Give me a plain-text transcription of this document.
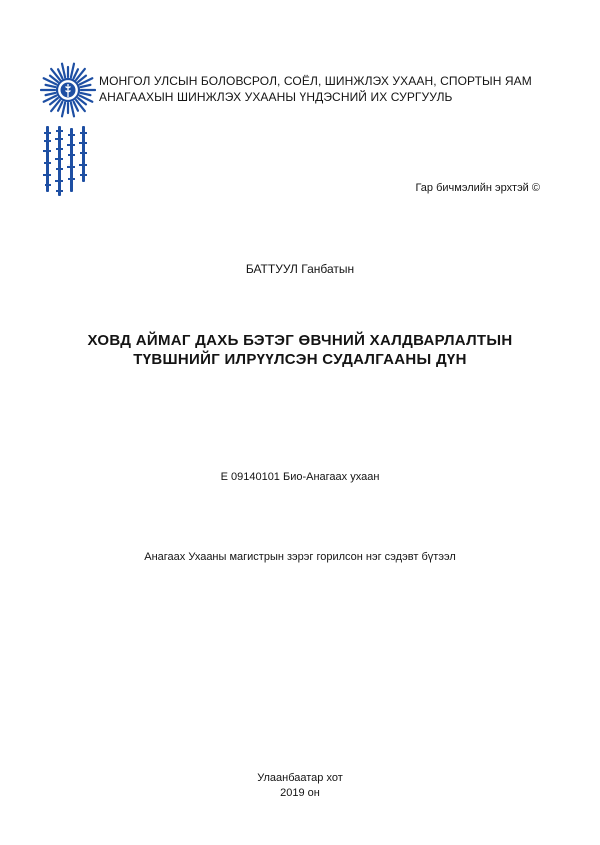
МОНГОЛ УЛСЫН БОЛОВСРОЛ, СОЁЛ, ШИНЖЛЭХ УХААН, СПОРТЫН ЯАМ
АНАГААХЫН ШИНЖЛЭХ УХААНЫ ҮНДЭСНИЙ ИХ СУРГУУЛЬ
Гар бичмэлийн эрхтэй ©
БАТТУУЛ Ганбатын
ХОВД АЙМАГ ДАХЬ БЭТЭГ ӨВЧНИЙ ХАЛДВАРЛАЛТЫН
ТҮВШНИЙГ ИЛРҮҮЛСЭН СУДАЛГААНЫ ДҮН
E 09140101 Био-Анагаах ухаан
Анагаах Ухааны магистрын зэрэг горилсон нэг сэдэвт бүтээл
Улаанбаатар хот
2019 он
